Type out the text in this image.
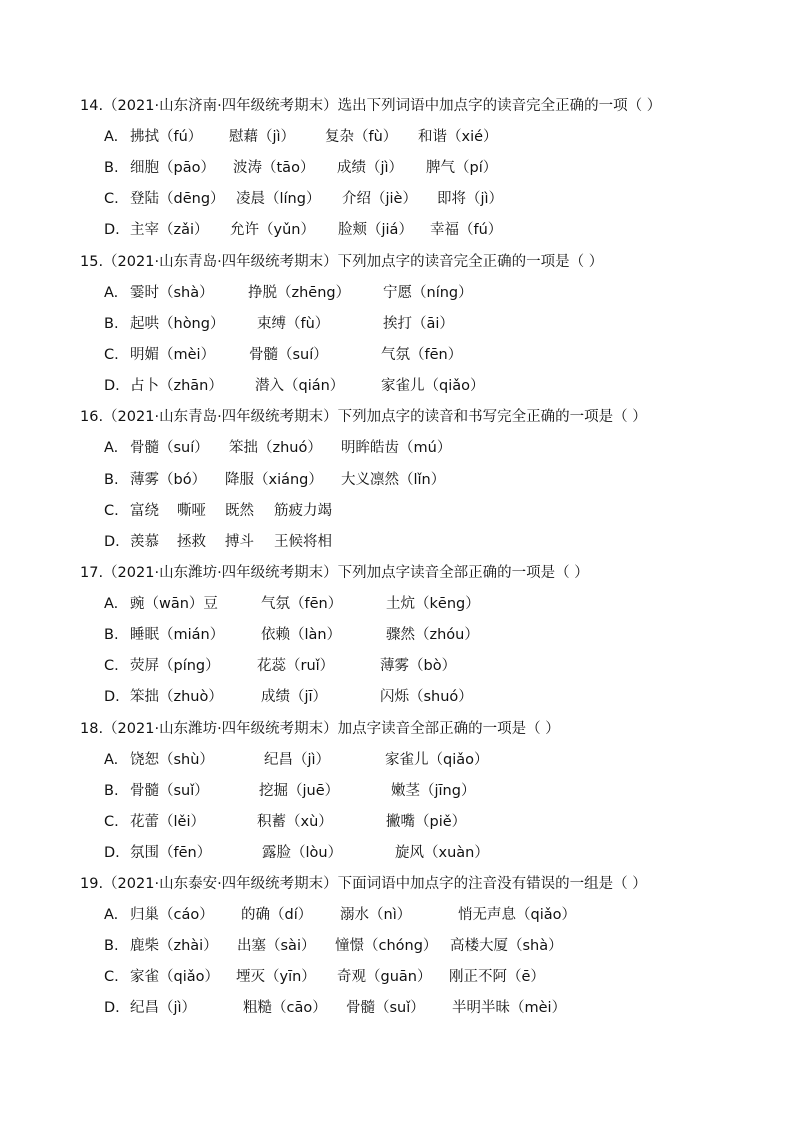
14.（2021·山东济南·四年级统考期末）选出下列词语中加点字的读音完全正确的一项（ ）
A. 拂拭（fú） 慰藉（jì） 复杂（fù） 和谐（xié）
B. 细胞（pāo） 波涛（tāo） 成绩（jì） 脾气（pí）
C. 登陆（dēng） 凌晨（líng） 介绍（jiè） 即将（jì）
D. 主宰（zǎi） 允许（yǔn） 脸颊（jiá） 幸福（fú）
15.（2021·山东青岛·四年级统考期末）下列加点字的读音完全正确的一项是（ ）
A. 霎时（shà） 挣脱（zhēng） 宁愿（níng）
B. 起哄（hòng） 束缚（fù）	挨打（āi）
C. 明媚（mèi） 骨髓（suí）	气氛（fēn）
D. 占卜（zhān） 潜入（qián）	家雀儿（qiǎo）
16.（2021·山东青岛·四年级统考期末）下列加点字的读音和书写完全正确的一项是（ ）
A. 骨髓（suí） 笨拙（zhuó） 明眸皓齿（mú）
B. 薄雾（bó） 降服（xiáng） 大义凛然（lǐn）
C. 富绕 嘶哑 既然 筋疲力竭
D. 羡慕 拯救 搏斗 王候将相
17.（2021·山东潍坊·四年级统考期末）下列加点字读音全部正确的一项是（ ）
A. 豌（wān）豆	气氛（fēn）	土炕（kēng）
B. 睡眠（mián）	依赖（làn）	骤然（zhóu）
C. 荧屏（píng）	花蕊（ruǐ）	薄雾（bò）
D. 笨拙（zhuò）	成绩（jī）	闪烁（shuó）
18.（2021·山东潍坊·四年级统考期末）加点字读音全部正确的一项是（ ）
A. 饶恕（shù）	纪昌（jì）	家雀儿（qiǎo）
B. 骨髓（suǐ）	挖掘（juē）	嫩茎（jīng）
C. 花蕾（lěi）	积蓄（xù）	撇嘴（piě）
D. 氛围（fēn）	露脸（lòu）	旋风（xuàn）
19.（2021·山东泰安·四年级统考期末）下面词语中加点字的注音没有错误的一组是（ ）
A. 归巢（cáo） 的确（dí） 溺水（nì）	悄无声息（qiǎo）
B. 鹿柴（zhài） 出塞（sài） 憧憬（chóng） 高楼大厦（shà）
C. 家雀（qiǎo） 堙灭（yīn） 奇观（guān） 刚正不阿（ē）
D. 纪昌（jì）	粗糙（cāo） 骨髓（suǐ） 半明半昧（mèi）
